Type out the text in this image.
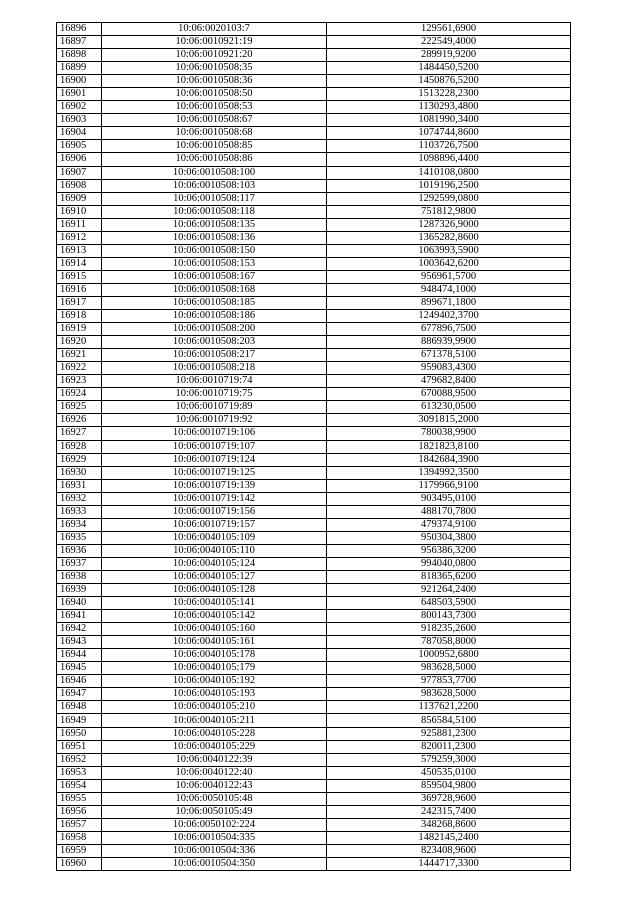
16896	10:06:0020103:7	129561,6900
16897	10:06:0010921:19	222549,4000
16898	10:06:0010921:20	289919,9200
16899	10:06:0010508:35	1484450,5200
16900	10:06:0010508:36	1450876,5200
16901	10:06:0010508:50	1513228,2300
16902	10:06:0010508:53	1130293,4800
16903	10:06:0010508:67	1081990,3400
16904	10:06:0010508:68	1074744,8600
16905	10:06:0010508:85	1103726,7500
16906	10:06:0010508:86	1098896,4400
16907	10:06:0010508:100	1410108,0800
16908	10:06:0010508:103	1019196,2500
16909	10:06:0010508:117	1292599,0800
16910	10:06:0010508:118	751812,9800
16911	10:06:0010508:135	1287326,9000
16912	10:06:0010508:136	1365282,8600
16913	10:06:0010508:150	1063993,5900
16914	10:06:0010508:153	1003642,6200
16915	10:06:0010508:167	956961,5700
16916	10:06:0010508:168	948474,1000
16917	10:06:0010508:185	899671,1800
16918	10:06:0010508:186	1249402,3700
16919	10:06:0010508:200	677896,7500
16920	10:06:0010508:203	886939,9900
16921	10:06:0010508:217	671378,5100
16922	10:06:0010508:218	959083,4300
16923	10:06:0010719:74	479682,8400
16924	10:06:0010719:75	670088,9500
16925	10:06:0010719:89	613230,0500
16926	10:06:0010719:92	3091815,2000
16927	10:06:0010719:106	780038,9900
16928	10:06:0010719:107	1821823,8100
16929	10:06:0010719:124	1842684,3900
16930	10:06:0010719:125	1394992,3500
16931	10:06:0010719:139	1179966,9100
16932	10:06:0010719:142	903495,0100
16933	10:06:0010719:156	488170,7800
16934	10:06:0010719:157	479374,9100
16935	10:06:0040105:109	950304,3800
16936	10:06:0040105:110	956386,3200
16937	10:06:0040105:124	994040,0800
16938	10:06:0040105:127	818365,6200
16939	10:06:0040105:128	921264,2400
16940	10:06:0040105:141	648503,5900
16941	10:06:0040105:142	800143,7300
16942	10:06:0040105:160	918235,2600
16943	10:06:0040105:161	787058,8000
16944	10:06:0040105:178	1000952,6800
16945	10:06:0040105:179	983628,5000
16946	10:06:0040105:192	977853,7700
16947	10:06:0040105:193	983628,5000
16948	10:06:0040105:210	1137621,2200
16949	10:06:0040105:211	856584,5100
16950	10:06:0040105:228	925881,2300
16951	10:06:0040105:229	820011,2300
16952	10:06:0040122:39	579259,3000
16953	10:06:0040122:40	450535,0100
16954	10:06:0040122:43	859504,9800
16955	10:06:0050105:48	369728,9600
16956	10:06:0050105:49	242315,7400
16957	10:06:0050102:224	348268,8600
16958	10:06:0010504:335	1482145,2400
16959	10:06:0010504:336	823408,9600
16960	10:06:0010504:350	1444717,3300
